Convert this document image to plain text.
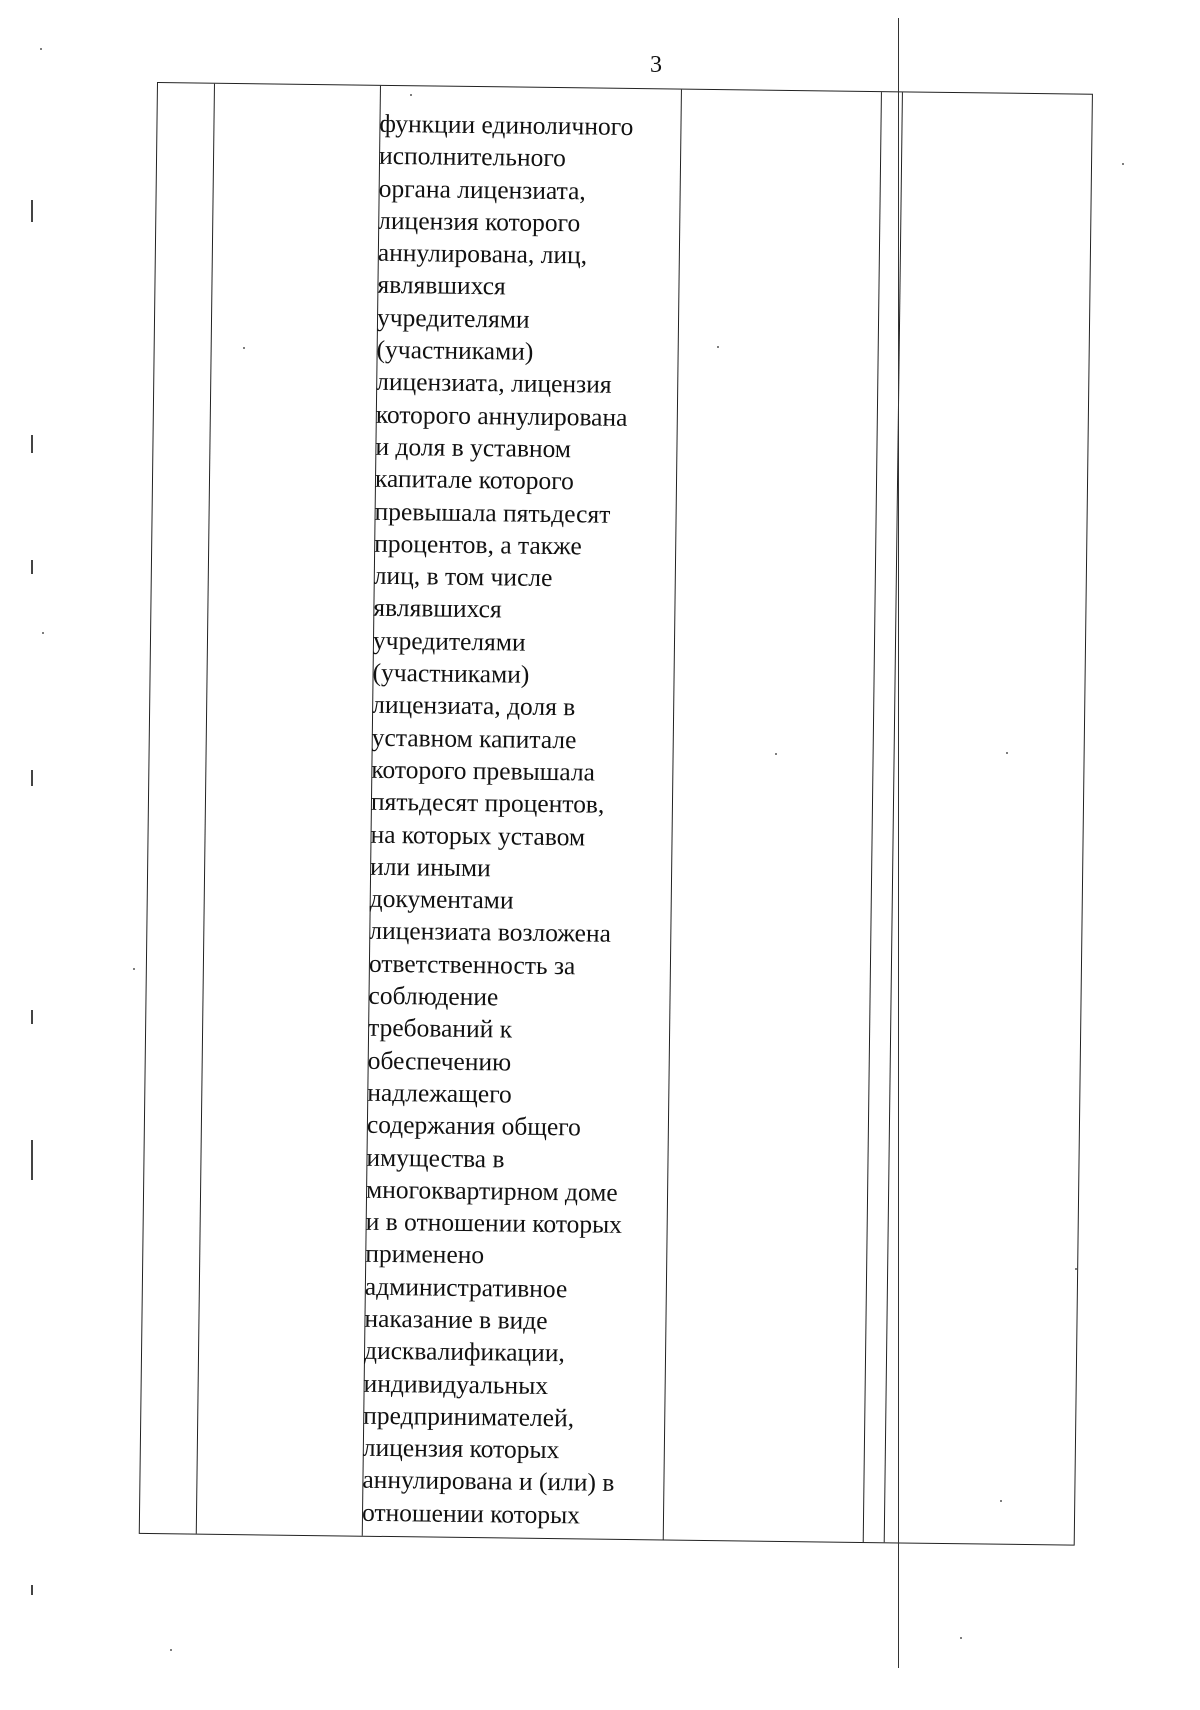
3
функции единоличного
исполнительного
органа лицензиата,
лицензия которого
аннулирована, лиц,
являвшихся
учредителями
(участниками)
лицензиата, лицензия
которого аннулирована
и доля в уставном
капитале которого
превышала пятьдесят
процентов, а также
лиц, в том числе
являвшихся
учредителями
(участниками)
лицензиата, доля в
уставном капитале
которого превышала
пятьдесят процентов,
на которых уставом
или иными
документами
лицензиата возложена
ответственность за
соблюдение
требований к
обеспечению
надлежащего
содержания общего
имущества в
многоквартирном доме
и в отношении которых
применено
административное
наказание в виде
дисквалификации,
индивидуальных
предпринимателей,
лицензия которых
аннулирована и (или) в
отношении которых
